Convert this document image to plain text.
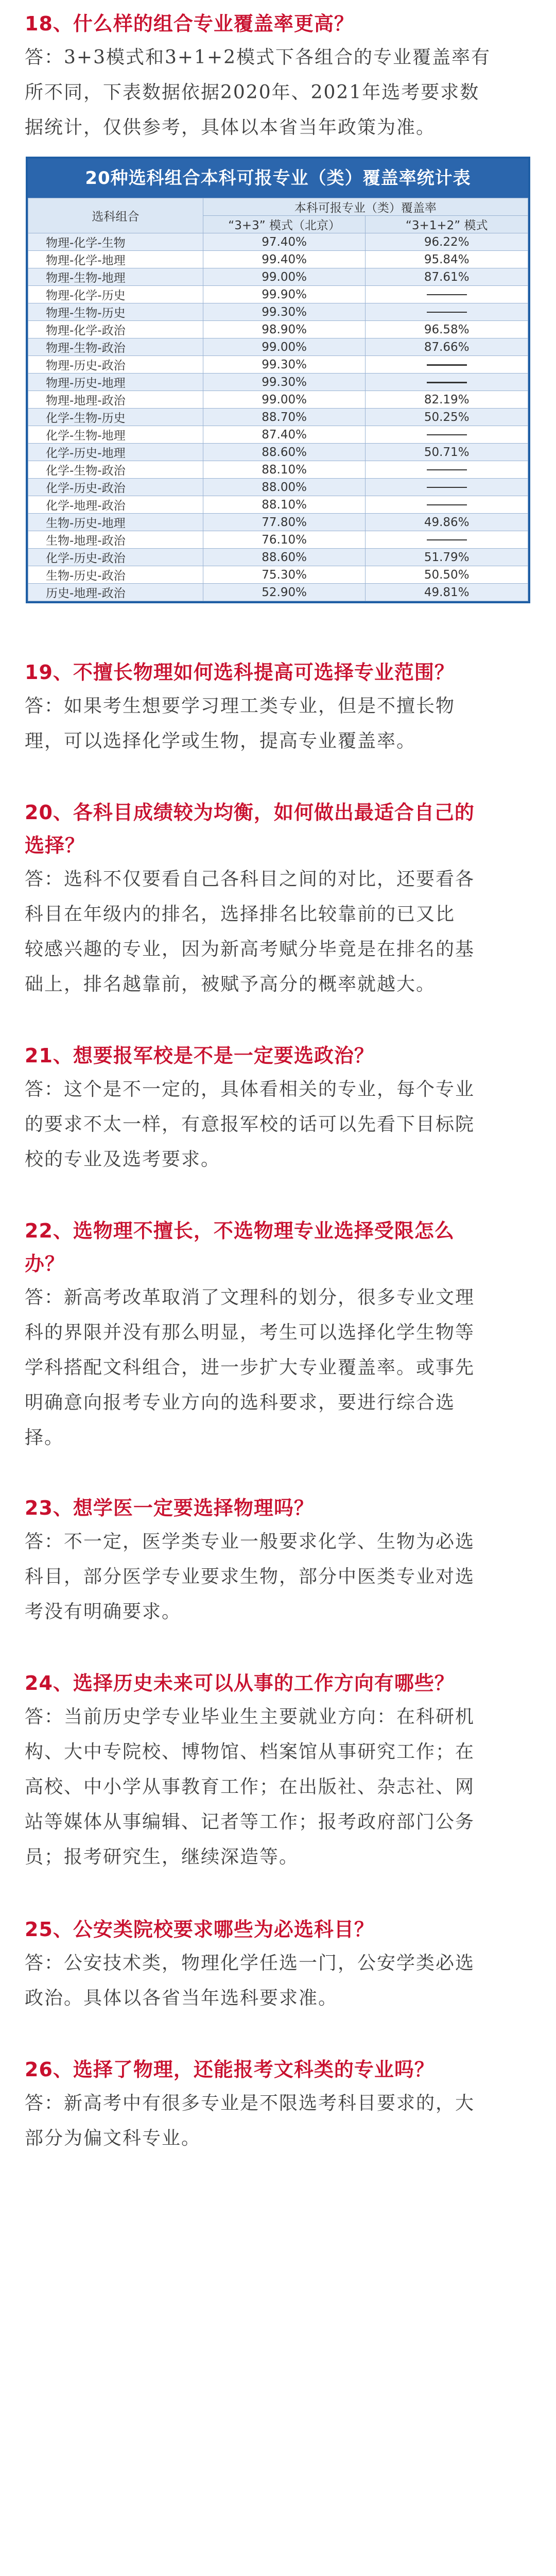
18、什么样的组合专业覆盖率更高？

答：3+3模式和3+1+2模式下各组合的专业覆盖率有

所不同，下表数据依据2020年、2021年选考要求数

据统计，仅供参考，具体以本省当年政策为准。

20种选科组合本科可报专业（类）覆盖率统计表
选科组合	本科可报专业（类）覆盖率	
	“3+3” 模式（北京）	“3+1+2” 模式
物理-化学-生物	97.40%	96.22%
物理-化学-地理	99.40%	95.84%
物理-生物-地理	99.00%	87.61%
物理-化学-历史	99.90%	
物理-生物-历史	99.30%	
物理-化学-政治	98.90%	96.58%
物理-生物-政治	99.00%	87.66%
物理-历史-政治	99.30%	
物理-历史-地理	99.30%	
物理-地理-政治	99.00%	82.19%
化学-生物-历史	88.70%	50.25%
化学-生物-地理	87.40%	
化学-历史-地理	88.60%	50.71%
化学-生物-政治	88.10%	
化学-历史-政治	88.00%	
化学-地理-政治	88.10%	
生物-历史-地理	77.80%	49.86%
生物-地理-政治	76.10%	
化学-历史-政治	88.60%	51.79%
生物-历史-政治	75.30%	50.50%
历史-地理-政治	52.90%	49.81%

19、不擅长物理如何选科提高可选择专业范围？

答：如果考生想要学习理工类专业，但是不擅长物

理，可以选择化学或生物，提高专业覆盖率。

20、各科目成绩较为均衡，如何做出最适合自己的

选择？

答：选科不仅要看自己各科目之间的对比，还要看各

科目在年级内的排名，选择排名比较靠前的已又比

较感兴趣的专业，因为新高考赋分毕竟是在排名的基

础上，排名越靠前，被赋予高分的概率就越大。

21、想要报军校是不是一定要选政治？

答：这个是不一定的，具体看相关的专业，每个专业

的要求不太一样，有意报军校的话可以先看下目标院

校的专业及选考要求。

22、选物理不擅长，不选物理专业选择受限怎么

办？

答：新高考改革取消了文理科的划分，很多专业文理

科的界限并没有那么明显，考生可以选择化学生物等

学科搭配文科组合，进一步扩大专业覆盖率。或事先

明确意向报考专业方向的选科要求，要进行综合选

择。

23、想学医一定要选择物理吗？

答：不一定，医学类专业一般要求化学、生物为必选

科目，部分医学专业要求生物，部分中医类专业对选

考没有明确要求。

24、选择历史未来可以从事的工作方向有哪些？

答：当前历史学专业毕业生主要就业方向：在科研机

构、大中专院校、博物馆、档案馆从事研究工作；在

高校、中小学从事教育工作；在出版社、杂志社、网

站等媒体从事编辑、记者等工作；报考政府部门公务

员；报考研究生，继续深造等。

25、公安类院校要求哪些为必选科目？

答：公安技术类，物理化学任选一门，公安学类必选

政治。具体以各省当年选科要求准。

26、选择了物理，还能报考文科类的专业吗？

答：新高考中有很多专业是不限选考科目要求的，大

部分为偏文科专业。
